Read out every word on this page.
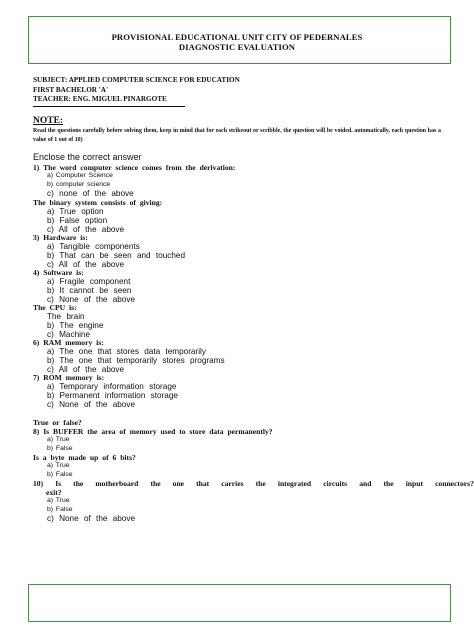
PROVISIONAL EDUCATIONAL UNIT CITY OF PEDERNALES
DIAGNOSTIC EVALUATION
SUBJECT: APPLIED COMPUTER SCIENCE FOR EDUCATION
FIRST BACHELOR 'A'
TEACHER: ENG. MIGUEL PINARGOTE
NOTE:
Read the questions carefully before solving them, keep in mind that for each strikeout or scribble, the question will be voided. automatically, each question has a value of 1 out of 10)
Enclose the correct answer
1) The word computer science comes from the derivation:
a) Computer Science
b) computer science
c) none of the above
The binary system consists of giving:
a) True option
b) False option
c) All of the above
3) Hardware is:
a) Tangible components
b) That can be seen and touched
c) All of the above
4) Software is:
a) Fragile component
b) It cannot be seen
c) None of the above
The CPU is:
The brain
b) The engine
c) Machine
6) RAM memory is:
a) The one that stores data temporarily
b) The one that temporarily stores programs
c) All of the above
7) ROM memory is:
a) Temporary information storage
b) Permanent information storage
c) None of the above
True or false?
8) Is BUFFER the area of memory used to store data permanently?
a) True
b) False
Is a byte made up of 6 bits?
a) True
b) False
10) Is the motherboard the one that carries the integrated circuits and the input connectors?
exit?
a) True
b) False
c) None of the above
